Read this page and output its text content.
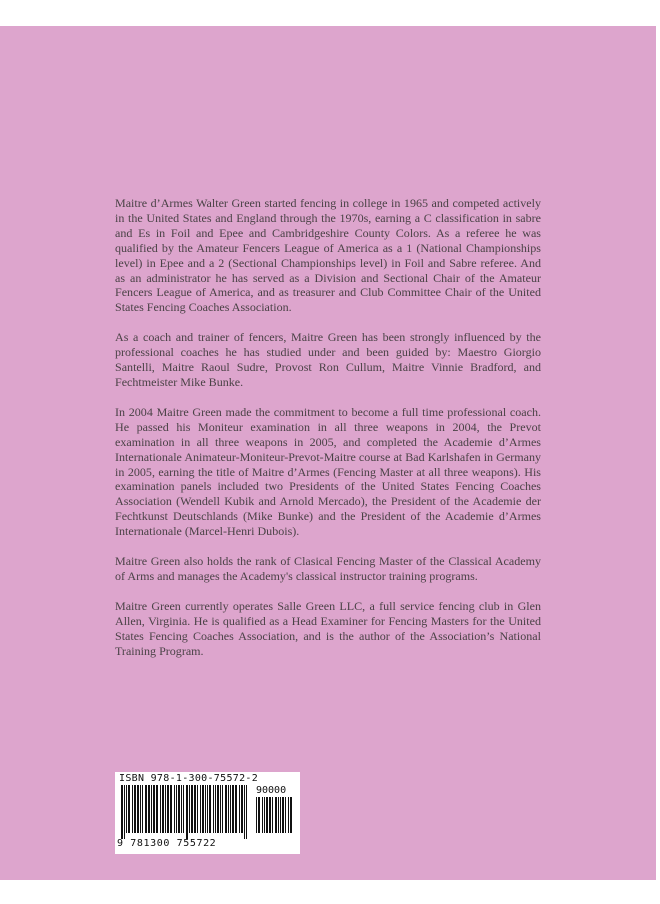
Maitre d’Armes Walter Green started fencing in college in 1965 and competed actively in the United States and England through the 1970s, earning a C classification in sabre and Es in Foil and Epee and Cambridgeshire County Colors. As a referee he was qualified by the Amateur Fencers League of America as a 1 (National Championships level) in Epee and a 2 (Sectional Championships level) in Foil and Sabre referee. And as an administrator he has served as a Division and Sectional Chair of the Amateur Fencers League of America, and as treasurer and Club Committee Chair of the United States Fencing Coaches Association.

As a coach and trainer of fencers, Maitre Green has been strongly influenced by the professional coaches he has studied under and been guided by: Maestro Giorgio Santelli, Maitre Raoul Sudre, Provost Ron Cullum, Maitre Vinnie Bradford, and Fechtmeister Mike Bunke.

In 2004 Maitre Green made the commitment to become a full time professional coach. He passed his Moniteur examination in all three weapons in 2004, the Prevot examination in all three weapons in 2005, and completed the Academie d’Armes Internationale Animateur-Moniteur-Prevot-Maitre course at Bad Karlshafen in Germany in 2005, earning the title of Maitre d’Armes (Fencing Master at all three weapons). His examination panels included two Presidents of the United States Fencing Coaches Association (Wendell Kubik and Arnold Mercado), the President of the Academie der Fechtkunst Deutschlands (Mike Bunke) and the President of the Academie d’Armes Internationale (Marcel-Henri Dubois).

Maitre Green also holds the rank of Clasical Fencing Master of the Classical Academy of Arms and manages the Academy's classical instructor training programs.

Maitre Green currently operates Salle Green LLC, a full service fencing club in Glen Allen, Virginia. He is qualified as a Head Examiner for Fencing Masters for the United States Fencing Coaches Association, and is the author of the Association’s National Training Program.

ISBN 978-1-300-75572-2
90000
9 781300 755722
